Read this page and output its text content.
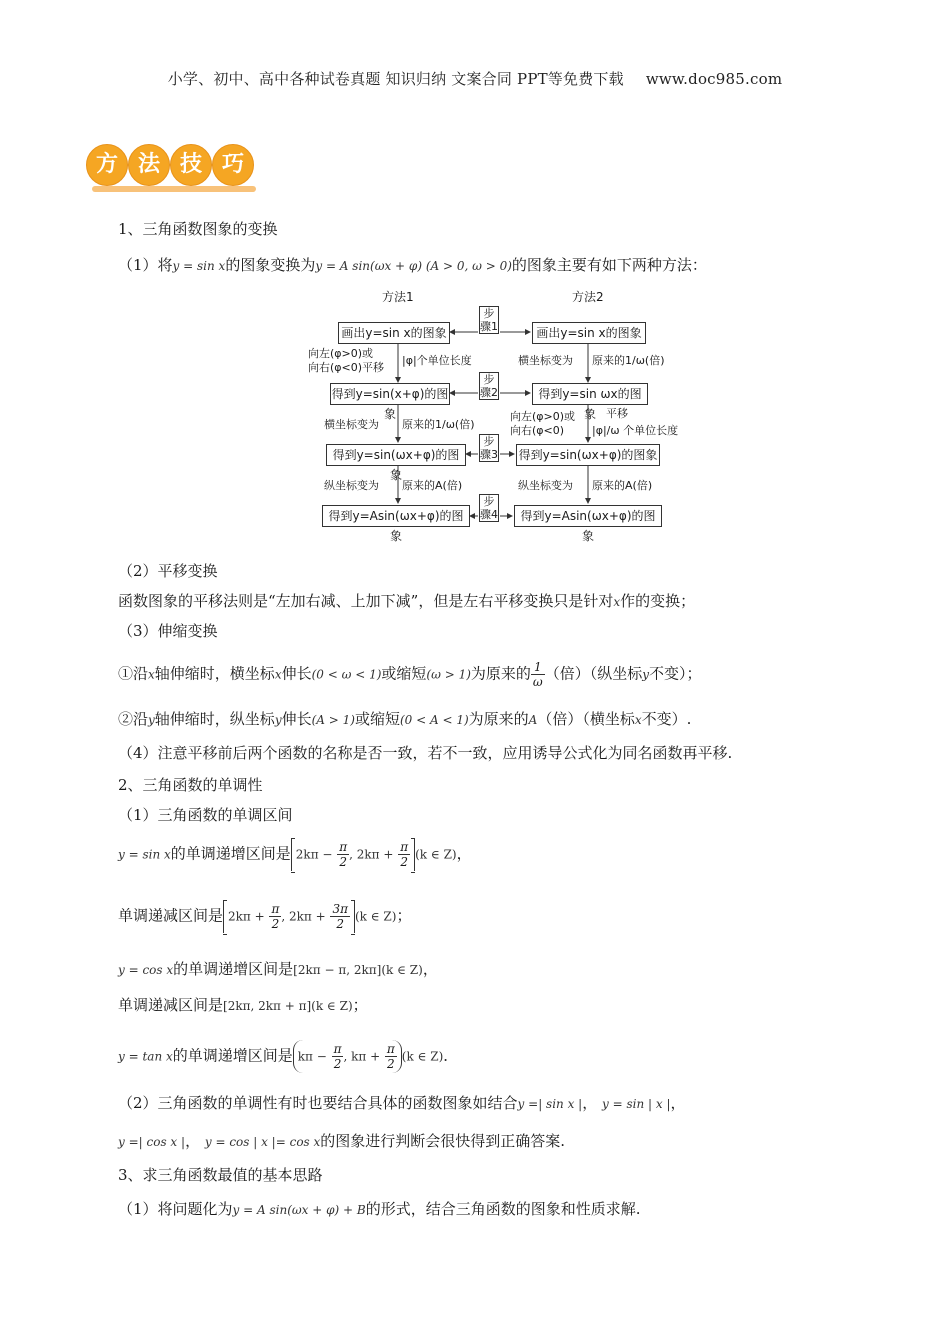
小学、初中、高中各种试卷真题 知识归纳 文案合同 PPT等免费下载 www.doc985.com
方 法 技 巧
1、三角函数图象的变换
（1）将y = sin x的图象变换为y = A sin(ωx + φ) (A > 0, ω > 0)的图象主要有如下两种方法：
方法1	方法2
步骤1
步骤2
步骤3
步骤4
画出y=sin x的图象
得到y=sin(x+φ)的图象
得到y=sin(ωx+φ)的图象
得到y=Asin(ωx+φ)的图象
画出y=sin x的图象
得到y=sin ωx的图象
得到y=sin(ωx+φ)的图象
得到y=Asin(ωx+φ)的图象
向左(φ>0)或
向右(φ<0)平移
|φ|个单位长度
横坐标变为 原来的1/ω(倍)
纵坐标变为 原来的A(倍)
横坐标变为 原来的1/ω(倍)
向左(φ>0)或
向右(φ<0)
平移
|φ|/ω 个单位长度
纵坐标变为 原来的A(倍)
（2）平移变换
函数图象的平移法则是“左加右减、上加下减”，但是左右平移变换只是针对x作的变换；
（3）伸缩变换
①沿x轴伸缩时，横坐标x伸长(0 < ω < 1)或缩短(ω > 1)为原来的 $\frac{1}{\omega}$ （倍）（纵坐标y不变）；
②沿y轴伸缩时，纵坐标y伸长(A > 1)或缩短(0 < A < 1)为原来的A（倍）（横坐标x不变）.
（4）注意平移前后两个函数的名称是否一致，若不一致，应用诱导公式化为同名函数再平移.
2、三角函数的单调性
（1）三角函数的单调区间
y = sin x的单调递增区间是 $2k\pi - \frac{\pi}{2}$ , $2k\pi + \frac{\pi}{2} (k$ ∈ Z)，
单调递减区间是 $2k\pi + \frac{\pi}{2}$ , $2k\pi + \frac{3\pi}{2} (k$ ∈ Z)；
y = cos x的单调递增区间是[2kπ − π, 2kπ](k ∈ Z)，
单调递减区间是[2kπ, 2kπ + π](k ∈ Z)；
y = tan x的单调递增区间是 $k\pi - \frac{\pi}{2}$ , $k\pi + \frac{\pi}{2} (k$ ∈ Z)．
（2）三角函数的单调性有时也要结合具体的函数图象如结合y =| sin x |， y = sin | x |，
y =| cos x |， y = cos | x |= cos x的图象进行判断会很快得到正确答案.
3、求三角函数最值的基本思路
（1）将问题化为y = A sin(ωx + φ) + B的形式，结合三角函数的图象和性质求解.
